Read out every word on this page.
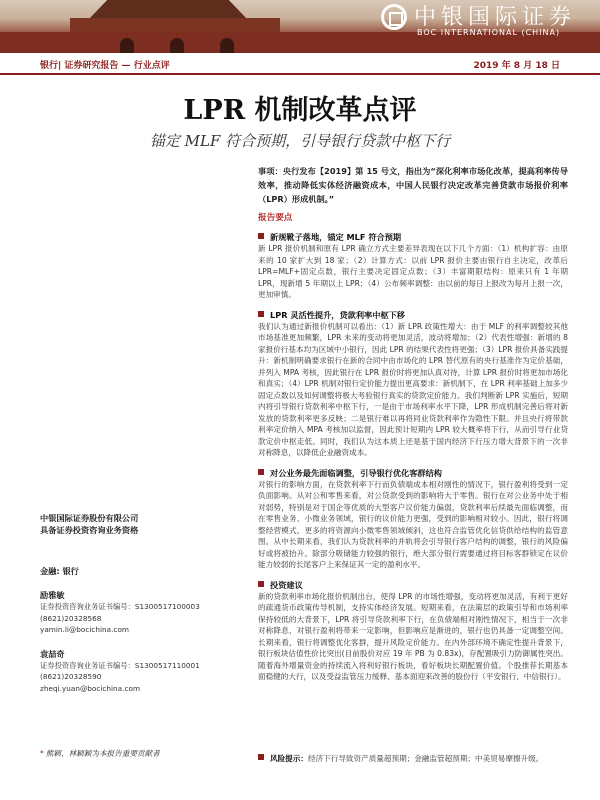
中银国际证券
BOC INTERNATIONAL (CHINA)
银行| 证券研究报告 — 行业点评	2019 年 8 月 18 日
LPR 机制改革点评
锚定 MLF 符合预期，引导银行贷款中枢下行
事项：央行发布【2019】第 15 号文，指出为“深化利率市场化改革，提高利率传导效率，推动降低实体经济融资成本，中国人民银行决定改革完善贷款市场报价利率（LPR）形成机制。”
报告要点
新规靴子落地，锚定 MLF 符合预期
新 LPR 报价机制和原有 LPR 确立方式主要差异表现在以下几个方面：（1）机构扩容：由原来的 10 家扩大到 18 家；（2）计算方式：以前 LPR 报价主要由银行自主决定，改革后 LPR=MLF+固定点数，银行主要决定固定点数；（3）丰富期限结构：原来只有 1 年期 LPR，现新增 5 年期以上 LPR；（4）公布频率调整：由以前的每日上报改为每月上报一次，更加审慎。
LPR 灵活性提升，贷款利率中枢下移
我们认为通过新报价机制可以看出：（1）新 LPR 政策性增大：由于 MLF 的利率调整较其他市场基准更加频繁，LPR 未来的变动将更加灵活，波动将增加；（2）代表性增强：新增的 8 家报价行基本均为区域中小银行，因此 LPR 的结果代表性将更强；（3）LPR 报价具备实践提升：新机制明确要求银行在新的合同中由市场化的 LPR 替代原有的央行基准作为定价基础，并列入 MPA 考核，因此银行在 LPR 报价时将更加认真对待，计算 LPR 报价时将更加市场化和真实；（4）LPR 机制对银行定价能力提出更高要求：新机制下，在 LPR 利率基础上加多少固定点数以及如何调整将极大考验银行真实的贷款定价能力。我们判断新 LPR 实施后，短期内将引导银行贷款利率中枢下行，一是由于市场利率水平下降，LPR 形成机制完善后将对新发放的贷款利率更多反映；二是银行难以再将同业贷款利率作为隐性下限。并且央行将带款利率定价纳入 MPA 考核加以监督，因此预计短期内 LPR 较大概率将下行，从而引导行业贷款定价中枢走低。同时，我们认为这本质上还是基于国内经济下行压力增大背景下的一次非对称降息，以降低企业融资成本。
对公业务最先面临调整，引导银行优化客群结构
对银行的影响方面，在贷款利率下行而负债端成本相对刚性的情况下，银行盈利将受到一定负面影响。从对公和零售来看，对公贷款受到的影响将大于零售。银行在对公业务中处于相对弱势，特别是对于国企等优质的大型客户议价能力偏弱，贷款利率后续最先面临调整，而在零售业务、小微业务领域，银行的议价能力更强，受到的影响相对较小。因此，银行将调整经营模式，更多的将资源向小微零售领域倾斜，这也符合监管优化信贷供给结构的监管意图。从中长期来看，我们认为贷款利率的并轨将会引导银行客户结构的调整，银行的风险偏好或将被抬升。除部分吸储能力较强的银行，绝大部分银行需要通过将目标客群锁定在议价能力较弱的长尾客户上来保证其一定的盈利水平。
投资建议
新的贷款利率市场化报价机制出台，使得 LPR 的市场性增强，变动将更加灵活，有利于更好的疏通货币政策传导机制，支持实体经济发展。短期来看，在法策层的政策引导和市场利率保持较低的大背景下，LPR 将引导贷款利率下行，在负债端相对刚性情况下，相当于一次非对称降息，对银行盈利将带来一定影响，但影响应是渐进的，银行也仍具备一定调整空间。长期来看，银行将调整优化客群，提升风险定价能力。在内外部环境不确定性提升背景下，银行板块估值性价比突出(目前股价对应 19 年 PB 为 0.83x)，存配置吸引力防御属性突出。随着海外增量资金的持续流入将利好银行板块，看好板块长期配置价值。个股推荐长期基本面稳健的大行，以及受益监管压力缓释、基本面迎来改善的股份行（平安银行、中信银行）。
中银国际证券股份有限公司
具备证券投资咨询业务资格
金融: 银行
励雅敏
证券投资咨询业务证书编号：S1300517100003
(8621)20328568
yamin.li@bocichina.com
袁喆奇
证券投资咨询业务证书编号：S1300517110001
(8621)20328590
zheqi.yuan@bocichina.com
* 熊颖、林颖颖为本报告重要贡献者
风险提示：经济下行导致资产质量超预期；金融监管超预期；中美贸易摩擦升级。
